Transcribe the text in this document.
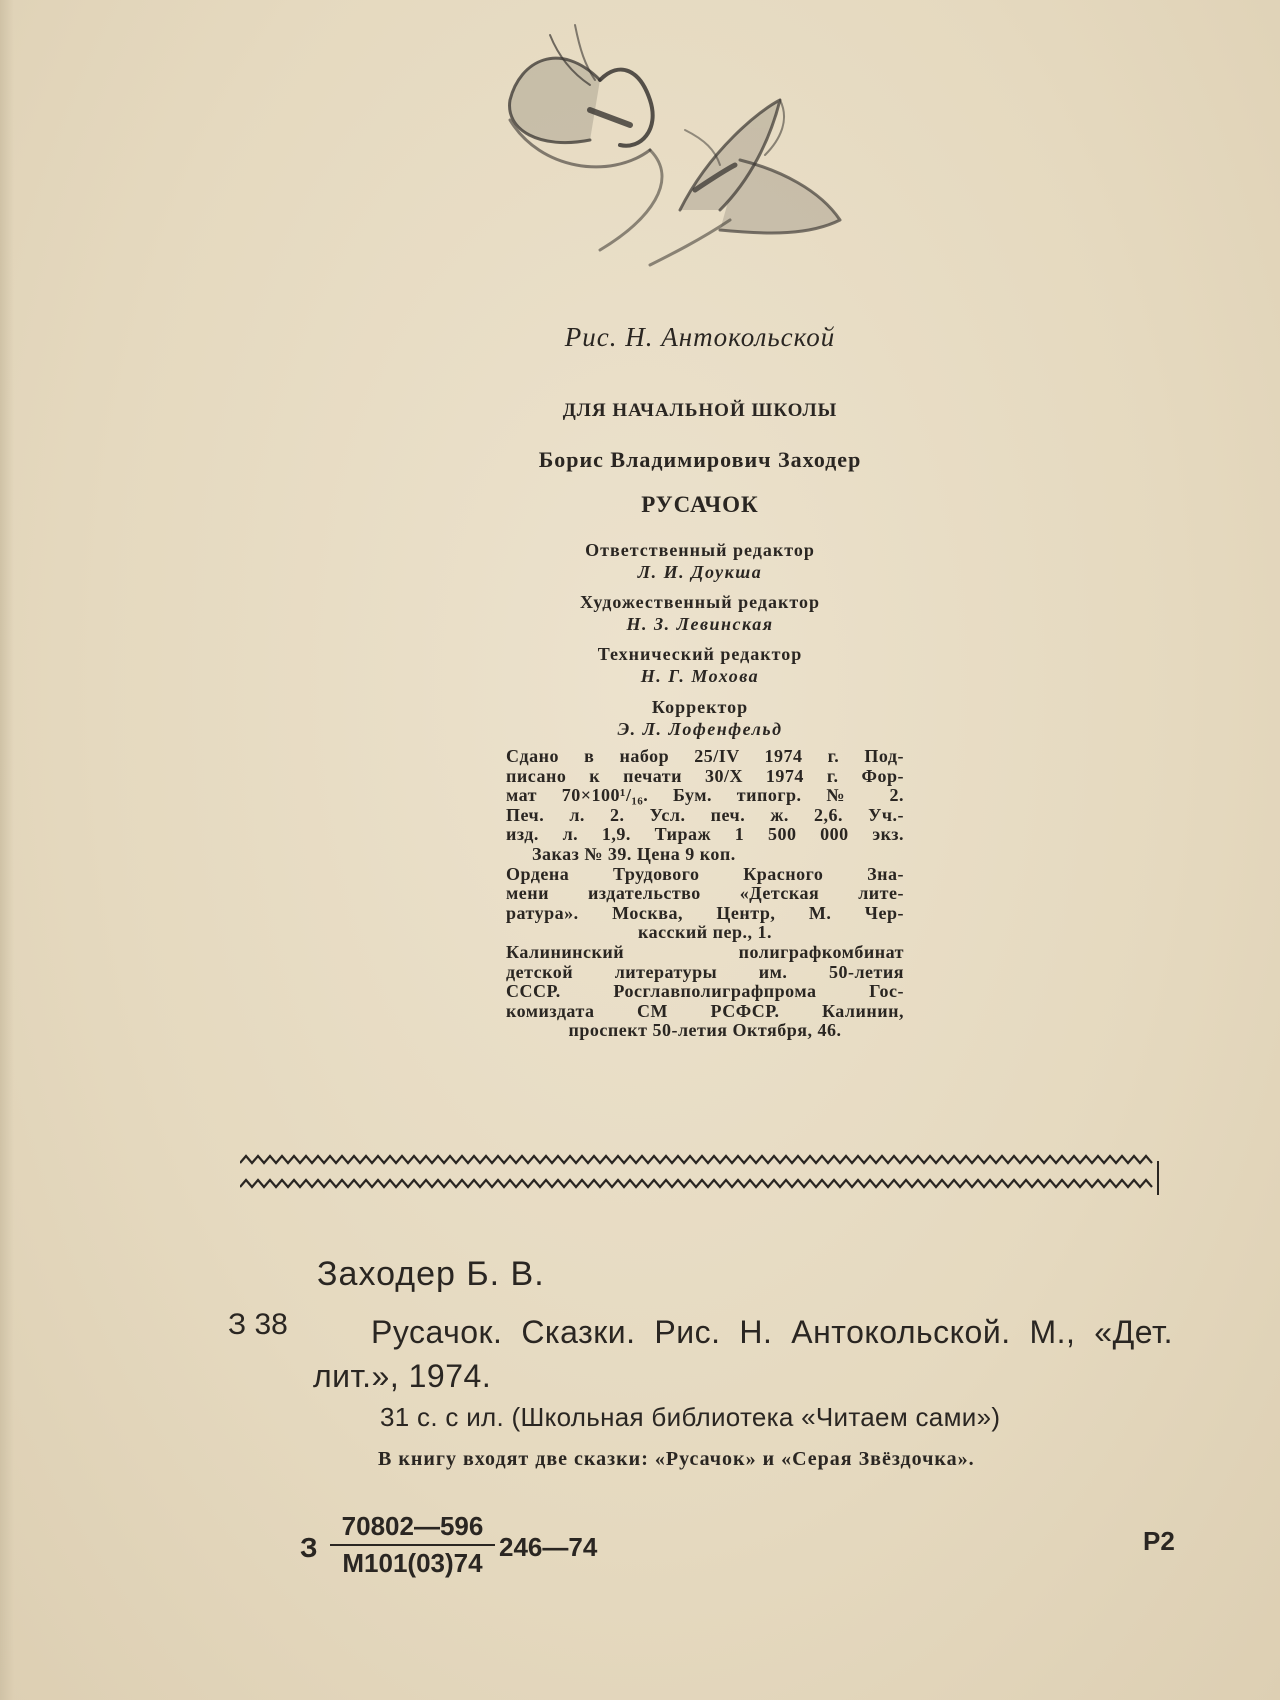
Рис. Н. Антокольской
ДЛЯ НАЧАЛЬНОЙ ШКОЛЫ
Борис Владимирович Заходер
РУСАЧОК
Ответственный редактор
Л. И. Доукша
Художественный редактор
Н. З. Левинская
Технический редактор
Н. Г. Мохова
Корректор
Э. Л. Лофенфельд

Сдано в набор 25/IV 1974 г. Под-

писано к печати 30/X 1974 г. Фор-

мат 70×100¹/₁₆. Бум. типогр. № 2.

Печ. л. 2. Усл. печ. ж. 2,6. Уч.-

изд. л. 1,9. Тираж 1 500 000 экз.

Заказ № 39. Цена 9 коп.

Ордена Трудового Красного Зна-

мени издательство «Детская лите-

ратура». Москва, Центр, М. Чер-

касский пер., 1.

Калининский полиграфкомбинат

детской литературы им. 50-летия

СССР. Росглавполиграфпрома Гос-

комиздата СМ РСФСР. Калинин,

проспект 50-летия Октября, 46.

Заходер Б. В.
З 38	Русачок. Сказки. Рис. Н. Антокольской. М., «Дет. лит.», 1974.
31 с. с ил. (Школьная библиотека «Читаем сами»)
В книгу входят две сказки: «Русачок» и «Серая Звёздочка».
З
70802—596
М101(03)74
246—74	Р2
